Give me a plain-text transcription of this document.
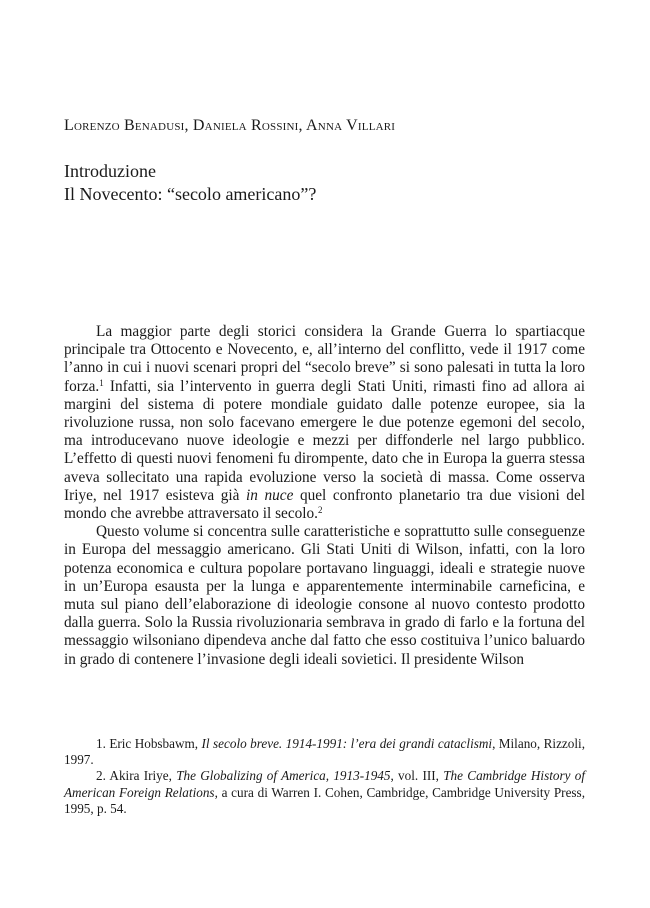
Lorenzo Benadusi, Daniela Rossini, Anna Villari
Introduzione
Il Novecento: “secolo americano”?

La maggior parte degli storici considera la Grande Guerra lo spartiacque principale tra Ottocento e Novecento, e, all’interno del conflitto, vede il 1917 come l’anno in cui i nuovi scenari propri del “secolo breve” si sono palesati in tutta la loro forza.$^1$ Infatti, sia l’intervento in guerra degli Stati Uniti, rimasti fino ad allora ai margini del sistema di potere mondiale guidato dalle potenze europee, sia la rivoluzione russa, non solo facevano emergere le due potenze egemoni del secolo, ma introducevano nuove ideologie e mezzi per diffonderle nel largo pubblico. L’effetto di questi nuovi fenomeni fu dirompente, dato che in Europa la guerra stessa aveva sollecitato una rapida evoluzione verso la società di massa. Come osserva Iriye, nel 1917 esisteva già in nuce quel confronto planetario tra due visioni del mondo che avrebbe attraversato il secolo.$^2$

Questo volume si concentra sulle caratteristiche e soprattutto sulle conseguenze in Europa del messaggio americano. Gli Stati Uniti di Wilson, infatti, con la loro potenza economica e cultura popolare portavano linguaggi, ideali e strategie nuove in un’Europa esausta per la lunga e apparentemente interminabile carneficina, e muta sul piano dell’elaborazione di ideologie consone al nuovo contesto prodotto dalla guerra. Solo la Russia rivoluzionaria sembrava in grado di farlo e la fortuna del messaggio wilsoniano dipendeva anche dal fatto che esso costituiva l’unico baluardo in grado di contenere l’invasione degli ideali sovietici. Il presidente Wilson

1. Eric Hobsbawm, Il secolo breve. 1914-1991: l’era dei grandi cataclismi, Milano, Rizzoli, 1997.

2. Akira Iriye, The Globalizing of America, 1913-1945, vol. III, The Cambridge History of American Foreign Relations, a cura di Warren I. Cohen, Cambridge, Cambridge University Press, 1995, p. 54.
